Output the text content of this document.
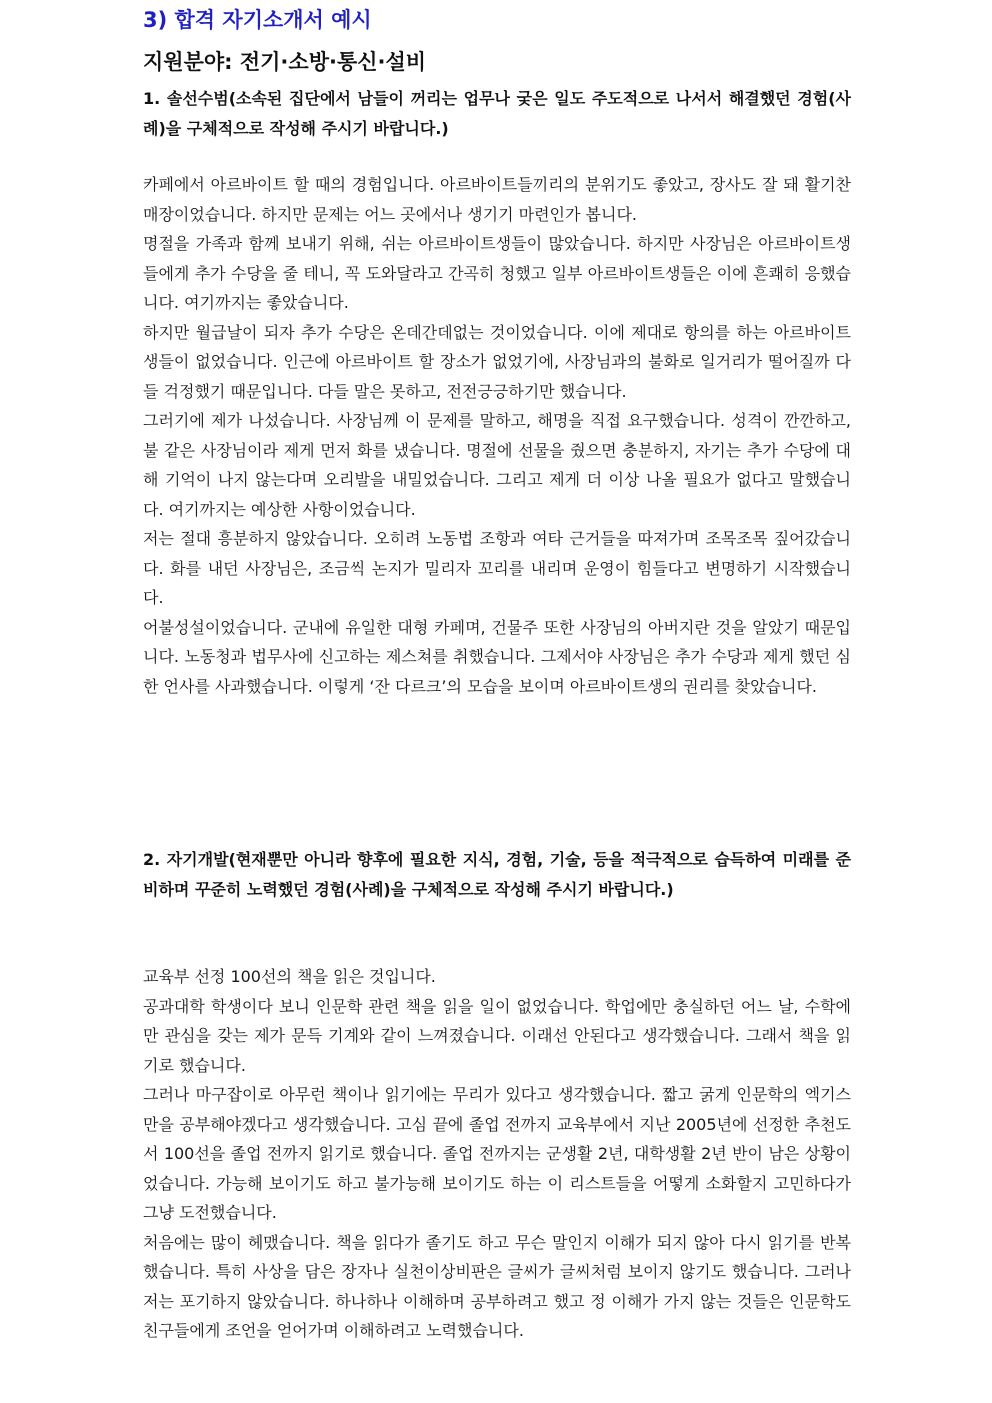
3) 합격 자기소개서 예시
지원분야: 전기·소방·통신·설비

1. 솔선수범(소속된 집단에서 남들이 꺼리는 업무나 궂은 일도 주도적으로 나서서 해결했던 경험(사례)을 구체적으로 작성해 주시기 바랍니다.)

카페에서 아르바이트 할 때의 경험입니다. 아르바이트들끼리의 분위기도 좋았고, 장사도 잘 돼 활기찬 매장이었습니다. 하지만 문제는 어느 곳에서나 생기기 마련인가 봅니다.

명절을 가족과 함께 보내기 위해, 쉬는 아르바이트생들이 많았습니다. 하지만 사장님은 아르바이트생들에게 추가 수당을 줄 테니, 꼭 도와달라고 간곡히 청했고 일부 아르바이트생들은 이에 흔쾌히 응했습니다. 여기까지는 좋았습니다.

하지만 월급날이 되자 추가 수당은 온데간데없는 것이었습니다. 이에 제대로 항의를 하는 아르바이트생들이 없었습니다. 인근에 아르바이트 할 장소가 없었기에, 사장님과의 불화로 일거리가 떨어질까 다들 걱정했기 때문입니다. 다들 말은 못하고, 전전긍긍하기만 했습니다.

그러기에 제가 나섰습니다. 사장님께 이 문제를 말하고, 해명을 직접 요구했습니다. 성격이 깐깐하고, 불 같은 사장님이라 제게 먼저 화를 냈습니다. 명절에 선물을 줬으면 충분하지, 자기는 추가 수당에 대해 기억이 나지 않는다며 오리발을 내밀었습니다. 그리고 제게 더 이상 나올 필요가 없다고 말했습니다. 여기까지는 예상한 사항이었습니다.

저는 절대 흥분하지 않았습니다. 오히려 노동법 조항과 여타 근거들을 따져가며 조목조목 짚어갔습니다. 화를 내던 사장님은, 조금씩 논지가 밀리자 꼬리를 내리며 운영이 힘들다고 변명하기 시작했습니다.

어불성설이었습니다. 군내에 유일한 대형 카페며, 건물주 또한 사장님의 아버지란 것을 알았기 때문입니다. 노동청과 법무사에 신고하는 제스쳐를 취했습니다. 그제서야 사장님은 추가 수당과 제게 했던 심한 언사를 사과했습니다. 이렇게 ‘잔 다르크’의 모습을 보이며 아르바이트생의 권리를 찾았습니다.

2. 자기개발(현재뿐만 아니라 향후에 필요한 지식, 경험, 기술, 등을 적극적으로 습득하여 미래를 준비하며 꾸준히 노력했던 경험(사례)을 구체적으로 작성해 주시기 바랍니다.)

교육부 선정 100선의 책을 읽은 것입니다.

공과대학 학생이다 보니 인문학 관련 책을 읽을 일이 없었습니다. 학업에만 충실하던 어느 날, 수학에만 관심을 갖는 제가 문득 기계와 같이 느껴졌습니다. 이래선 안된다고 생각했습니다. 그래서 책을 읽기로 했습니다.

그러나 마구잡이로 아무런 책이나 읽기에는 무리가 있다고 생각했습니다. 짧고 굵게 인문학의 엑기스만을 공부해야겠다고 생각했습니다. 고심 끝에 졸업 전까지 교육부에서 지난 2005년에 선정한 추천도서 100선을 졸업 전까지 읽기로 했습니다. 졸업 전까지는 군생활 2년, 대학생활 2년 반이 남은 상황이었습니다. 가능해 보이기도 하고 불가능해 보이기도 하는 이 리스트들을 어떻게 소화할지 고민하다가 그냥 도전했습니다.

처음에는 많이 헤맸습니다. 책을 읽다가 졸기도 하고 무슨 말인지 이해가 되지 않아 다시 읽기를 반복했습니다. 특히 사상을 담은 장자나 실천이상비판은 글씨가 글씨처럼 보이지 않기도 했습니다. 그러나 저는 포기하지 않았습니다. 하나하나 이해하며 공부하려고 했고 정 이해가 가지 않는 것들은 인문학도 친구들에게 조언을 얻어가며 이해하려고 노력했습니다.
